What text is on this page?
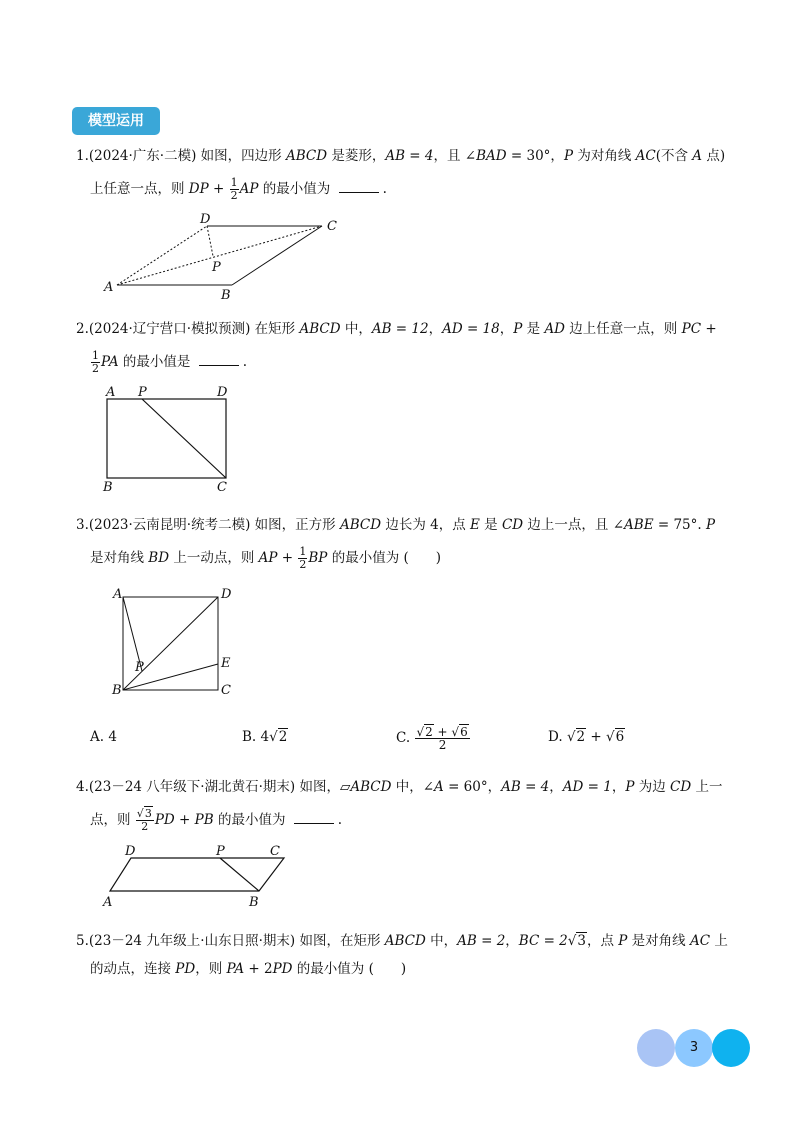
模型运用
1.(2024·广东·二模) 如图，四边形 ABCD 是菱形，AB = 4，且 ∠BAD = 30°，P 为对角线 AC(不含 A 点)
上任意一点，则 DP + $\frac{1}{2}$ AP 的最小值为	.
2.(2024·辽宁营口·模拟预测) 在矩形 ABCD 中，AB = 12，AD = 18，P 是 AD 边上任意一点，则 PC +
$\frac{1}{2}$ PA 的最小值是	.
3.(2023·云南昆明·统考二模) 如图，正方形 ABCD 边长为 4，点 E 是 CD 边上一点，且 ∠ABE = 75°. P
是对角线 BD 上一动点，则 AP + $\frac{1}{2}$ BP 的最小值为 (　　)
A. 4	B. 4√2	C. $\frac{√2 + √6}{2}$	D. √2 + √6
4.(23－24 八年级下·湖北黄石·期末) 如图，▱ABCD 中，∠A = 60°，AB = 4，AD = 1，P 为边 CD 上一
点，则 $\frac{√3}{2}$ PD + PB 的最小值为	.
5.(23－24 九年级上·山东日照·期末) 如图，在矩形 ABCD 中，AB = 2，BC = 2√3，点 P 是对角线 AC 上
的动点，连接 PD，则 PA + 2PD 的最小值为 (　　)
A
B
C
D
P
A P	D
B	C
A	D
E
C
B
P
D	P	C
A	B
3
